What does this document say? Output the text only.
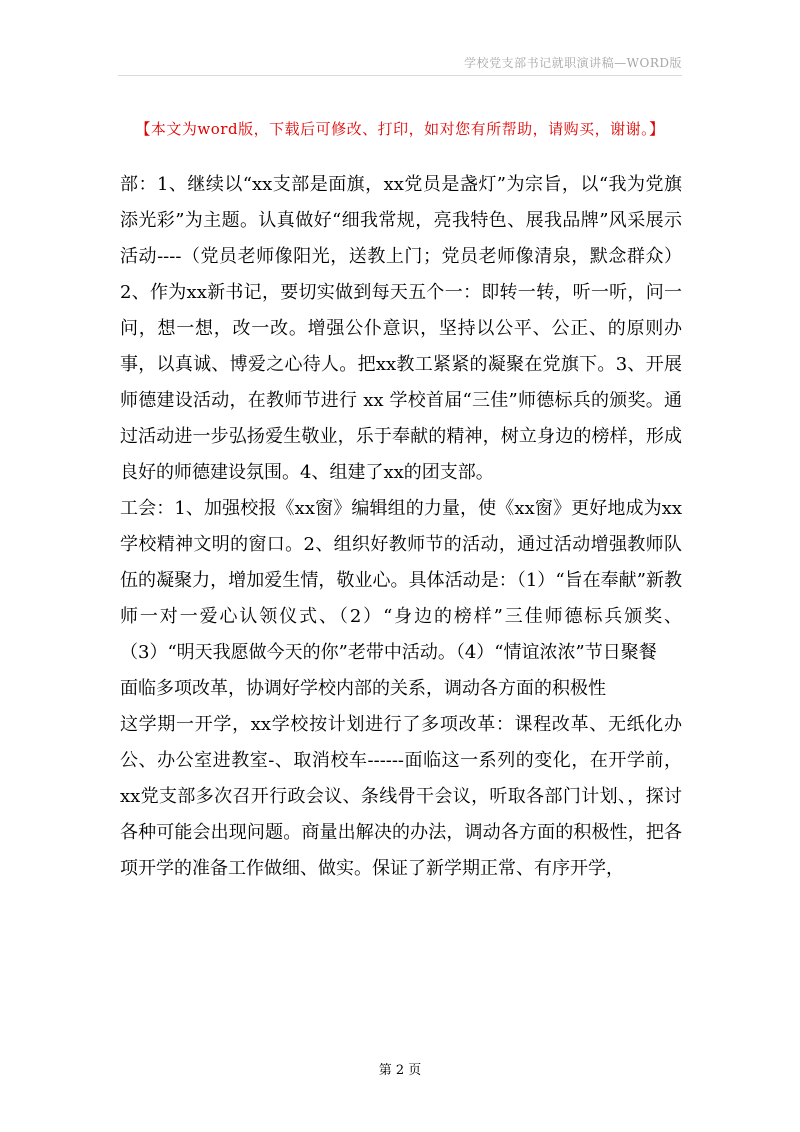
学校党支部书记就职演讲稿—WORD版
【本文为word版，下载后可修改、打印，如对您有所帮助，请购买，谢谢。】

部：1、继续以“xx支部是面旗，xx党员是盏灯”为宗旨，以“我为党旗添光彩”为主题。认真做好“细我常规，亮我特色、展我品牌”风采展示活动----（党员老师像阳光，送教上门；党员老师像清泉，默念群众）2、作为xx新书记，要切实做到每天五个一：即转一转，听一听，问一问，想一想，改一改。增强公仆意识，坚持以公平、公正、的原则办事，以真诚、博爱之心待人。把xx教工紧紧的凝聚在党旗下。3、开展师德建设活动，在教师节进行 xx 学校首届“三佳”师德标兵的颁奖。通过活动进一步弘扬爱生敬业，乐于奉献的精神，树立身边的榜样，形成良好的师德建设氛围。4、组建了xx的团支部。

工会：1、加强校报《xx窗》编辑组的力量，使《xx窗》更好地成为xx学校精神文明的窗口。2、组织好教师节的活动，通过活动增强教师队伍的凝聚力，增加爱生情，敬业心。具体活动是：（1）“旨在奉献”新教师一对一爱心认领仪式、（2）“身边的榜样”三佳师德标兵颁奖、（3）“明天我愿做今天的你”老带中活动。（4）“情谊浓浓”节日聚餐

面临多项改革，协调好学校内部的关系，调动各方面的积极性

这学期一开学，xx学校按计划进行了多项改革：课程改革、无纸化办公、办公室进教室-、取消校车------面临这一系列的变化，在开学前，xx党支部多次召开行政会议、条线骨干会议，听取各部门计划、，探讨各种可能会出现问题。商量出解决的办法，调动各方面的积极性，把各项开学的准备工作做细、做实。保证了新学期正常、有序开学，

第 2 页
